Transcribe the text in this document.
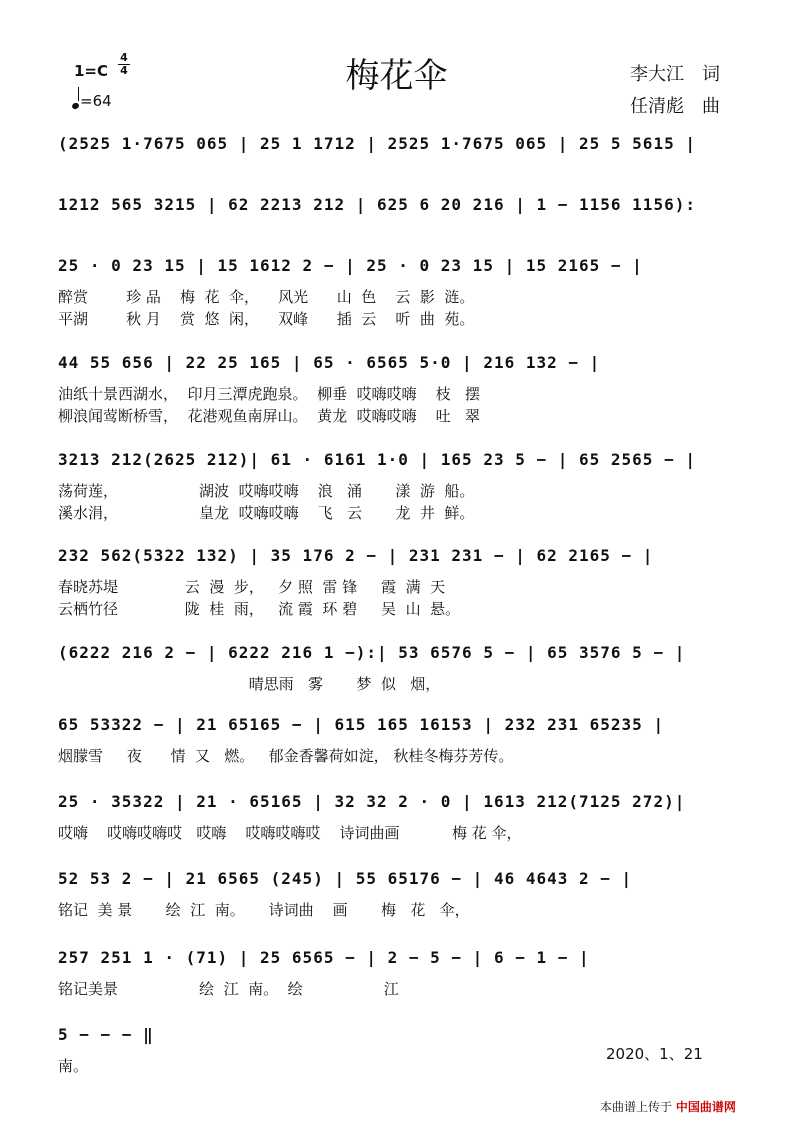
梅花伞
$1=C \frac{4}{4}$
=64
李大江　词
任清彪　曲
(2525 1·7675 065 | 25 1 1712 | 2525 1·7675 065 | 25 5 5615 |
1212 565 3215 | 62 2213 212 | 625 6 20 216 | 1 − 1156 1156):
25 · 0 23 15 | 15 1612 2 − | 25 · 0 23 15 | 15 2165 − |
醉赏        珍 品    梅  花  伞，    风光      山  色    云  影  涟。
平湖        秋 月    赏  悠  闲，    双峰      插  云    听  曲  苑。
44 55 656 | 22 25 165 | 65 · 6565 5·0 | 216 132 − |
油纸十景西湖水，  印月三潭虎跑泉。  柳垂  哎嗨哎嗨    枝   摆
柳浪闻莺断桥雪，  花港观鱼南屏山。  黄龙  哎嗨哎嗨    吐   翠
3213 212(2625 212)| 61 · 6161 1·0 | 165 23 5 − | 65 2565 − |
荡荷莲，                 湖波  哎嗨哎嗨    浪   涌       漾  游  船。
溪水涓，                 皇龙  哎嗨哎嗨    飞   云       龙  井  鲜。
232 562(5322 132) | 35 176 2 − | 231 231 − | 62 2165 − |
春晓苏堤              云  漫  步，   夕 照  雷 锋     霞  满  天
云栖竹径              陇  桂  雨，   流 霞  环 碧     吴  山  悬。
(6222 216 2 − | 6222 216 1 −):| 53 6576 5 − | 65 3576 5 − |
晴思雨   雾       梦  似   烟，
65 53322 − | 21 65165 − | 615 165 16153 | 232 231 65235 |
烟朦雪     夜      情  又   燃。   郁金香馨荷如淀， 秋桂冬梅芬芳传。
25 · 35322 | 21 · 65165 | 32 32 2 · 0 | 1613 212(7125 272)|
哎嗨    哎嗨哎嗨哎   哎嗨    哎嗨哎嗨哎    诗词曲画           梅 花 伞，
52 53 2 − | 21 6565 (245) | 55 65176 − | 46 4643 2 − |
铭记  美 景       绘  江  南。     诗词曲    画       梅   花   伞，
257 251 1 · (71) | 25 6565 − | 2 − 5 − | 6 − 1 − |
铭记美景                 绘  江  南。  绘                 江
5 − − − ‖
南。
2020、1、21
本曲谱上传于 中国曲谱网
